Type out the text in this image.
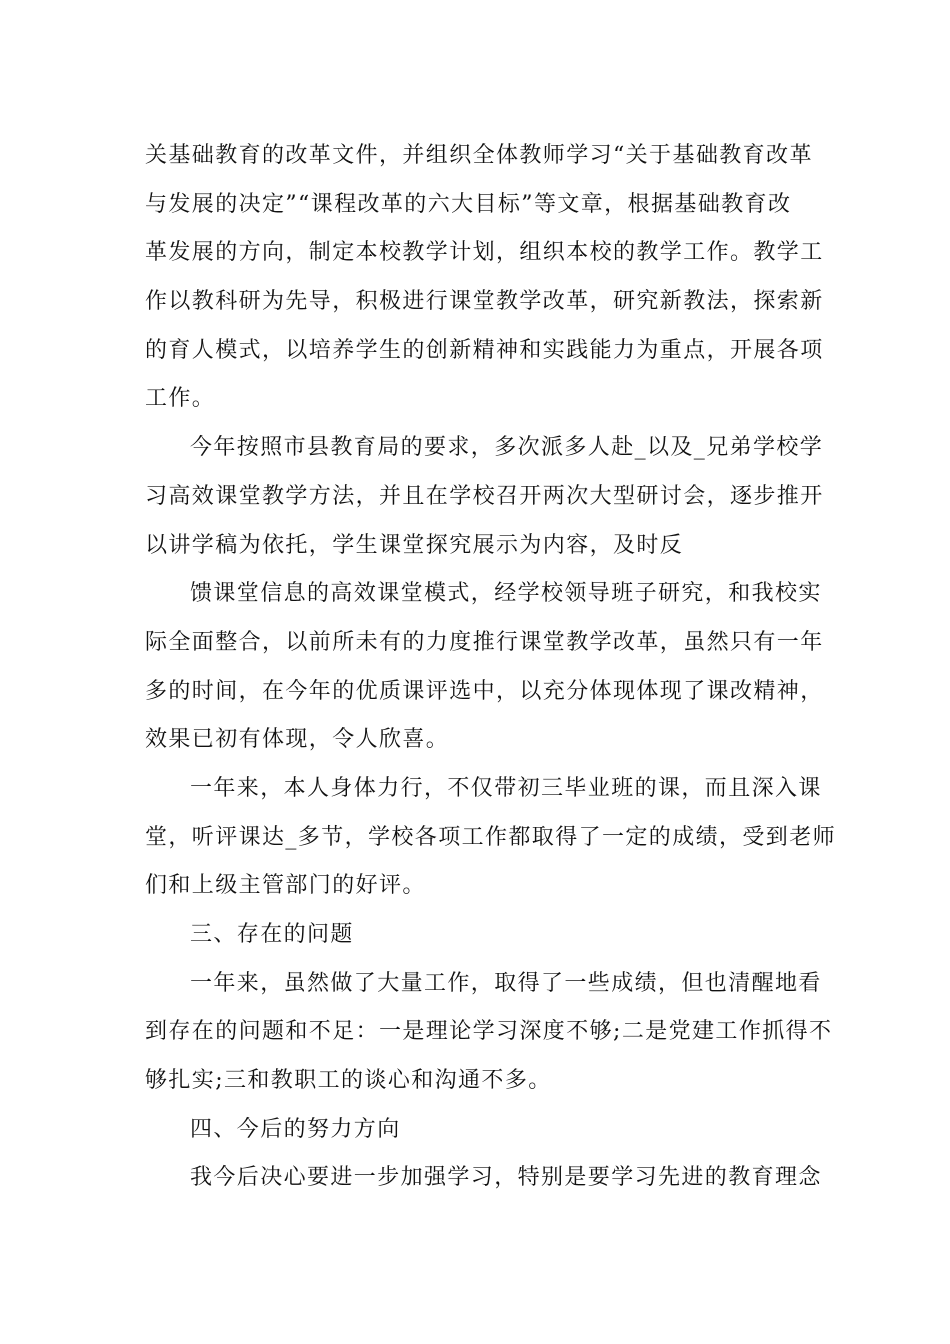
关基础教育的改革文件，并组织全体教师学习“关于基础教育改革
与发展的决定”“课程改革的六大目标”等文章，根据基础教育改
革发展的方向，制定本校教学计划，组织本校的教学工作。教学工
作以教科研为先导，积极进行课堂教学改革，研究新教法，探索新
的育人模式，以培养学生的创新精神和实践能力为重点，开展各项
工作。
今年按照市县教育局的要求，多次派多人赴_以及_兄弟学校学
习高效课堂教学方法，并且在学校召开两次大型研讨会，逐步推开
以讲学稿为依托，学生课堂探究展示为内容，及时反
馈课堂信息的高效课堂模式，经学校领导班子研究，和我校实
际全面整合，以前所未有的力度推行课堂教学改革，虽然只有一年
多的时间，在今年的优质课评选中，以充分体现体现了课改精神，
效果已初有体现，令人欣喜。
一年来，本人身体力行，不仅带初三毕业班的课，而且深入课
堂，听评课达_多节，学校各项工作都取得了一定的成绩，受到老师
们和上级主管部门的好评。
三、存在的问题
一年来，虽然做了大量工作，取得了一些成绩，但也清醒地看
到存在的问题和不足：一是理论学习深度不够;二是党建工作抓得不
够扎实;三和教职工的谈心和沟通不多。
四、今后的努力方向
我今后决心要进一步加强学习，特别是要学习先进的教育理念
